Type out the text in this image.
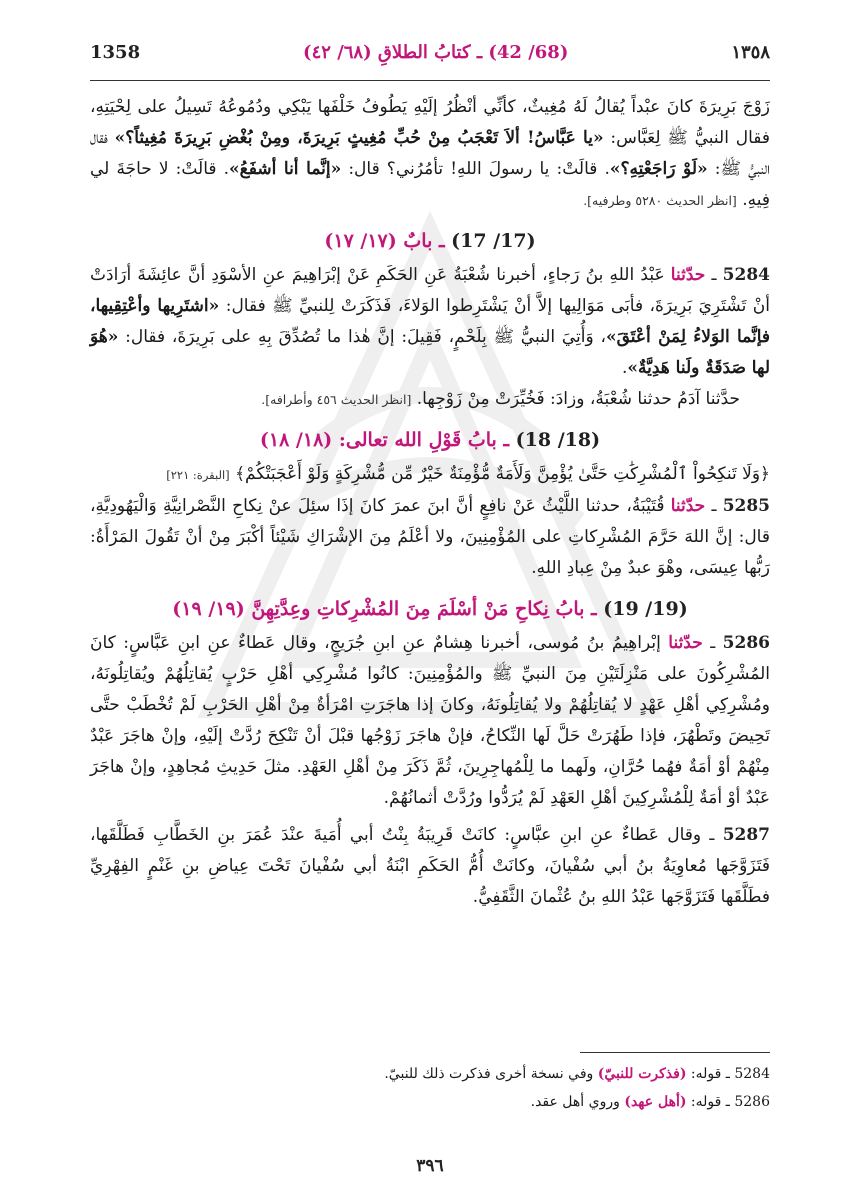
1358	(68/ 42) ـ كتابُ الطلاقِ (٦٨/ ٤٢)	١٣٥٨

زَوْجَ بَرِيرَةَ كانَ عبْداً يُقالُ لَهُ مُغِيثٌ، كأنِّي أنْظُرُ إلَيْهِ يَطُوفُ خَلْفَها يَبْكِي ودُمُوعُهُ تَسِيلُ على لِحْيَتِهِ، فقال النبيُّ ﷺ لِعَبَّاس: «يا عَبَّاسُ! ألاَ تَعْجَبُ مِنْ حُبِّ مُغِيثٍ بَرِيرَةَ، ومِنْ بُغْضِ بَرِيرَةَ مُغِيثاً؟» فقال النبيُّ ﷺ: «لَوْ رَاجَعْتِهِ؟». قالَتْ: يا رسولَ اللهِ! تأمُرُني؟ قال: «إنَّما أنا أشفَعُ». قالَتْ: لا حاجَةَ لي فِيهِ. [انظر الحديث ٥٢٨٠ وطرفيه].

(17/ 17) ـ بابٌ (١٧/ ١٧)

5284 ـ حدّثنا عَبْدُ اللهِ بنُ رَجاءٍ، أخبرنا شُعْبَةُ عَنِ الحَكَمِ عَنْ إبْرَاهِيمَ عنِ الأسْوَدِ أنَّ عائِشَةَ أرَادَتْ أنْ تَشْتَرِيَ بَرِيرَةَ، فأبَى مَوَالِيها إلاَّ أنْ يَشْتَرِطوا الوَلاءَ، فَذَكَرَتْ لِلنبيِّ ﷺ فقال: «اشتَرِيها وأعْتِقِيها، فإنَّما الوَلاءُ لِمَنْ أعْتَقَ»، وَأُتِيَ النبيُّ ﷺ بِلَحْمٍ، فَقِيلَ: إنَّ هٰذا ما تُصُدِّقَ بِهِ على بَرِيرَةَ، فقال: «هُوَ لها صَدَقَةٌ ولَنا هَدِيَّةٌ».

حدَّثنا آدَمُ حدثنا شُعْبَةُ، وزادَ: فَخُيِّرَتْ مِنْ زَوْجِها. [انظر الحديث ٤٥٦ وأطرافه].

(18/ 18) ـ بابُ قَوْلِ الله تعالى: (١٨/ ١٨)

﴿وَلَا تَنكِحُواْ ٱلْمُشْرِكَٰتِ حَتَّىٰ يُؤْمِنَّ وَلَأَمَةٌ مُّؤْمِنَةٌ خَيْرٌ مِّن مُّشْرِكَةٍ وَلَوْ أَعْجَبَتْكُمْ﴾ [البقرة: ٢٢١]

5285 ـ حدّثنا قُتَيْبَةُ، حدثنا اللَّيْثُ عَنْ نافِعٍ أنَّ ابنَ عمرَ كانَ إذَا سئِلَ عنْ نِكاحِ النَّصْرانِيَّةِ وَالْيَهُودِيَّةِ، قال: إنَّ اللهَ حَرَّمَ المُشْرِكاتِ على المُؤْمِنِينَ، ولا أعْلَمُ مِنَ الإشْرَاكِ شَيْئاً أكْبَرَ مِنْ أنْ تَقُولَ المَرْأَةُ: رَبُّها عِيسَى، وهْوَ عبدٌ مِنْ عِبادِ اللهِ.

(19/ 19) ـ بابُ نِكاحِ مَنْ أسْلَمَ مِنَ المُشْرِكاتِ وعِدَّتِهِنَّ (١٩/ ١٩)

5286 ـ حدّثنا إبْراهِيمُ بنُ مُوسى، أخبرنا هِشامٌ عنِ ابنِ جُرَيجٍ، وقال عَطاءٌ عنِ ابنِ عَبَّاسٍ: كانَ المُشْرِكُونَ على مَنْزِلَتَيْنِ مِنَ النبيِّ ﷺ والمُؤْمِنِينَ: كانُوا مُشْرِكِي أهْلِ حَرْبٍ يُقاتِلُهُمْ ويُقاتِلُونَهُ، ومُشْرِكِي أهْلِ عَهْدٍ لا يُقاتِلُهُمْ ولا يُقاتِلُونَهُ، وكانَ إذا هاجَرَتِ امْرَأةٌ مِنْ أهْلِ الحَرْبِ لَمْ تُخْطَبْ حتَّى تَحِيضَ وتَطْهُرَ، فإذا طَهُرَتْ حَلَّ لَها النِّكاحُ، فإنْ هاجَرَ زَوْجُها قبْلَ أنْ تَنْكِحَ رُدَّتْ إلَيْهِ، وإنْ هاجَرَ عَبْدٌ مِنْهُمْ أوْ أمَةٌ فهُما حُرَّانِ، ولَهما ما لِلْمُهاجِرِينَ، ثُمَّ ذَكَرَ مِنْ أهْلِ العَهْدِ. مثلَ حَدِيثِ مُجاهِدٍ، وإنْ هاجَرَ عَبْدٌ أوْ أمَةٌ لِلْمُشْرِكِينَ أهْلِ العَهْدِ لَمْ يُرَدُّوا ورُدَّتْ أثمانُهُمْ.

5287 ـ وقال عَطاءٌ عنِ ابنِ عبَّاسٍ: كانَتْ قَرِيبَةُ بِنْتُ أبي أُمَيةَ عنْدَ عُمَرَ بنِ الخَطَّابِ فَطَلَّقَها، فَتَزَوَّجَها مُعاوِيَةُ بنُ أبي سُفْيانَ، وكانَتْ أُمُّ الحَكَمِ ابْنَةُ أبي سُفْيانَ تَحْتَ عِياضِ بنِ غَنْمٍ الفِهْرِيِّ فطَلَّقَها فَتَزَوَّجَها عَبْدُ اللهِ بنُ عُثْمانَ الثَّقَفِيُّ.

5284 ـ قوله: (فذكرت للنبيّ) وفي نسخة أخرى فذكرت ذلك للنبيّ.
5286 ـ قوله: (أهل عهد) وروي أهل عقد.
٣٩٦
